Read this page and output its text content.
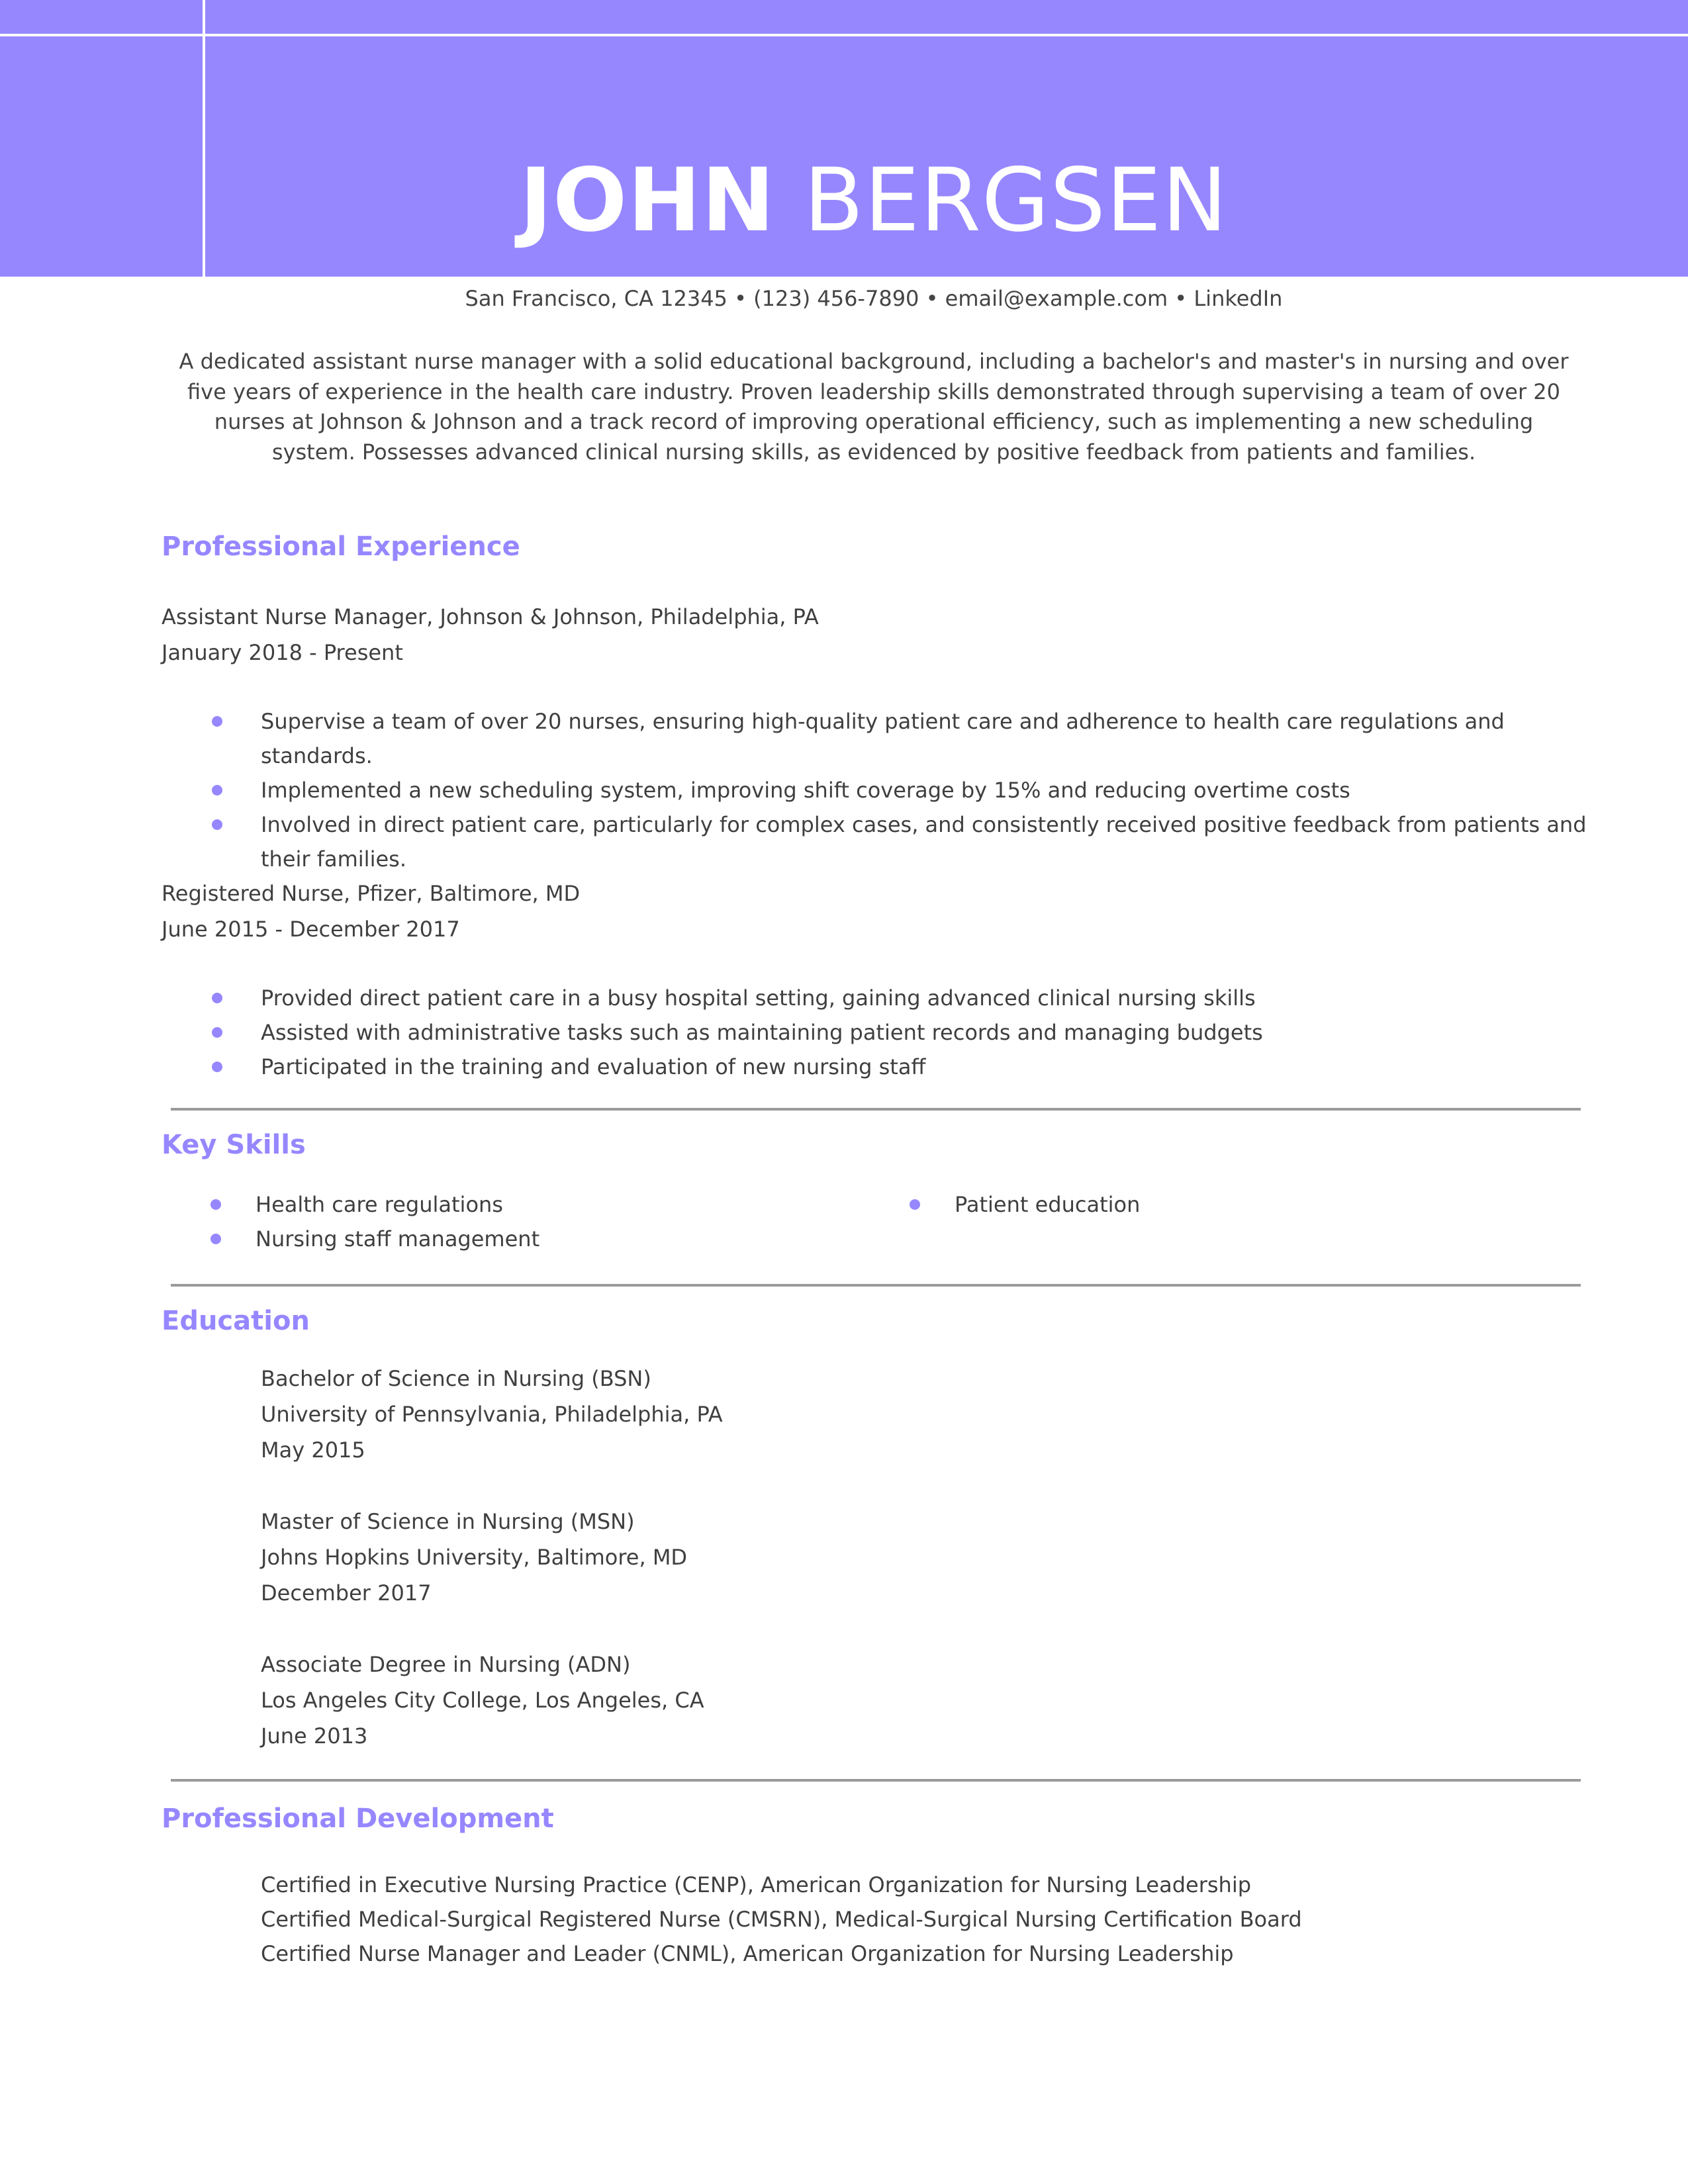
JOHN BERGSEN
San Francisco, CA 12345 • (123) 456-7890 • email@example.com • LinkedIn
A dedicated assistant nurse manager with a solid educational background, including a bachelor's and master's in nursing and over five years of experience in the health care industry. Proven leadership skills demonstrated through supervising a team of over 20 nurses at Johnson & Johnson and a track record of improving operational efficiency, such as implementing a new scheduling system. Possesses advanced clinical nursing skills, as evidenced by positive feedback from patients and families.
Professional Experience
Assistant Nurse Manager, Johnson & Johnson, Philadelphia, PA
January 2018 - Present
Supervise a team of over 20 nurses, ensuring high-quality patient care and adherence to health care regulations and standards.
Implemented a new scheduling system, improving shift coverage by 15% and reducing overtime costs
Involved in direct patient care, particularly for complex cases, and consistently received positive feedback from patients and their families.
Registered Nurse, Pfizer, Baltimore, MD
June 2015 - December 2017
Provided direct patient care in a busy hospital setting, gaining advanced clinical nursing skills
Assisted with administrative tasks such as maintaining patient records and managing budgets
Participated in the training and evaluation of new nursing staff
Key Skills
Health care regulations
Nursing staff management
Patient education
Education
Bachelor of Science in Nursing (BSN)
University of Pennsylvania, Philadelphia, PA
May 2015
Master of Science in Nursing (MSN)
Johns Hopkins University, Baltimore, MD
December 2017
Associate Degree in Nursing (ADN)
Los Angeles City College, Los Angeles, CA
June 2013
Professional Development
Certified in Executive Nursing Practice (CENP), American Organization for Nursing Leadership
Certified Medical-Surgical Registered Nurse (CMSRN), Medical-Surgical Nursing Certification Board
Certified Nurse Manager and Leader (CNML), American Organization for Nursing Leadership
